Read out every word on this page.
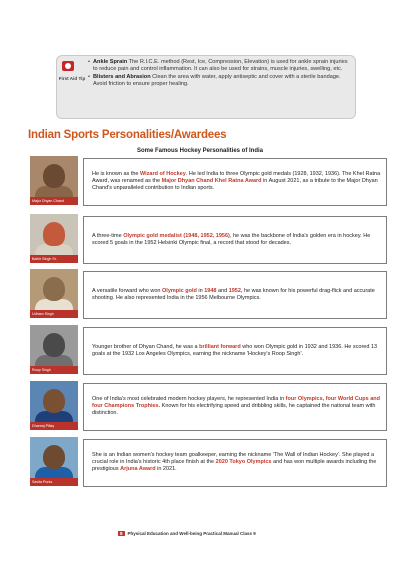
First Aid Tip
• Ankle Sprain The R.I.C.E. method (Rest, Ice, Compression, Elevation) is used for ankle sprain injuries to reduce pain and control inflammation. It can also be used for strains, muscle injuries, swelling, etc.
• Blisters and Abrasion Clean the area with water, apply antiseptic and cover with a sterile bandage. Avoid friction to ensure proper healing.
Indian Sports Personalities/Awardees
Some Famous Hockey Personalities of India
Major Dhyan Chand
He is known as the Wizard of Hockey. He led India to three Olympic gold medals (1928, 1932, 1936). The Khel Ratna Award, was renamed as the Major Dhyan Chand Khel Ratna Award in August 2021, as a tribute to the Major Dhyan Chand's unparalleled contribution to Indian sports.
Balbir Singh Sr.
A three-time Olympic gold medalist (1948, 1952, 1956), he was the backbone of India's golden era in hockey. He scored 5 goals in the 1952 Helsinki Olympic final, a record that stood for decades.
Udham Singh
A versatile forward who won Olympic gold in 1948 and 1952, he was known for his powerful drag-flick and accurate shooting. He also represented India in the 1956 Melbourne Olympics.
Roop Singh
Younger brother of Dhyan Chand, he was a brilliant forward who won Olympic gold in 1932 and 1936. He scored 13 goals at the 1932 Los Angeles Olympics, earning the nickname 'Hockey's Roop Singh'.
Dhanraj Pillay
One of India's most celebrated modern hockey players, he represented India in four Olympics, four World Cups and four Champions Trophies. Known for his electrifying speed and dribbling skills, he captained the national team with distinction.
Savita Punia
She is an Indian women's hockey team goalkeeper, earning the nickname 'The Wall of Indian Hockey'. She played a crucial role in India's historic 4th place finish at the 2020 Tokyo Olympics and has won multiple awards including the prestigious Arjuna Award in 2021.
8 Physical Education and Well-being Practical Manual Class 9
